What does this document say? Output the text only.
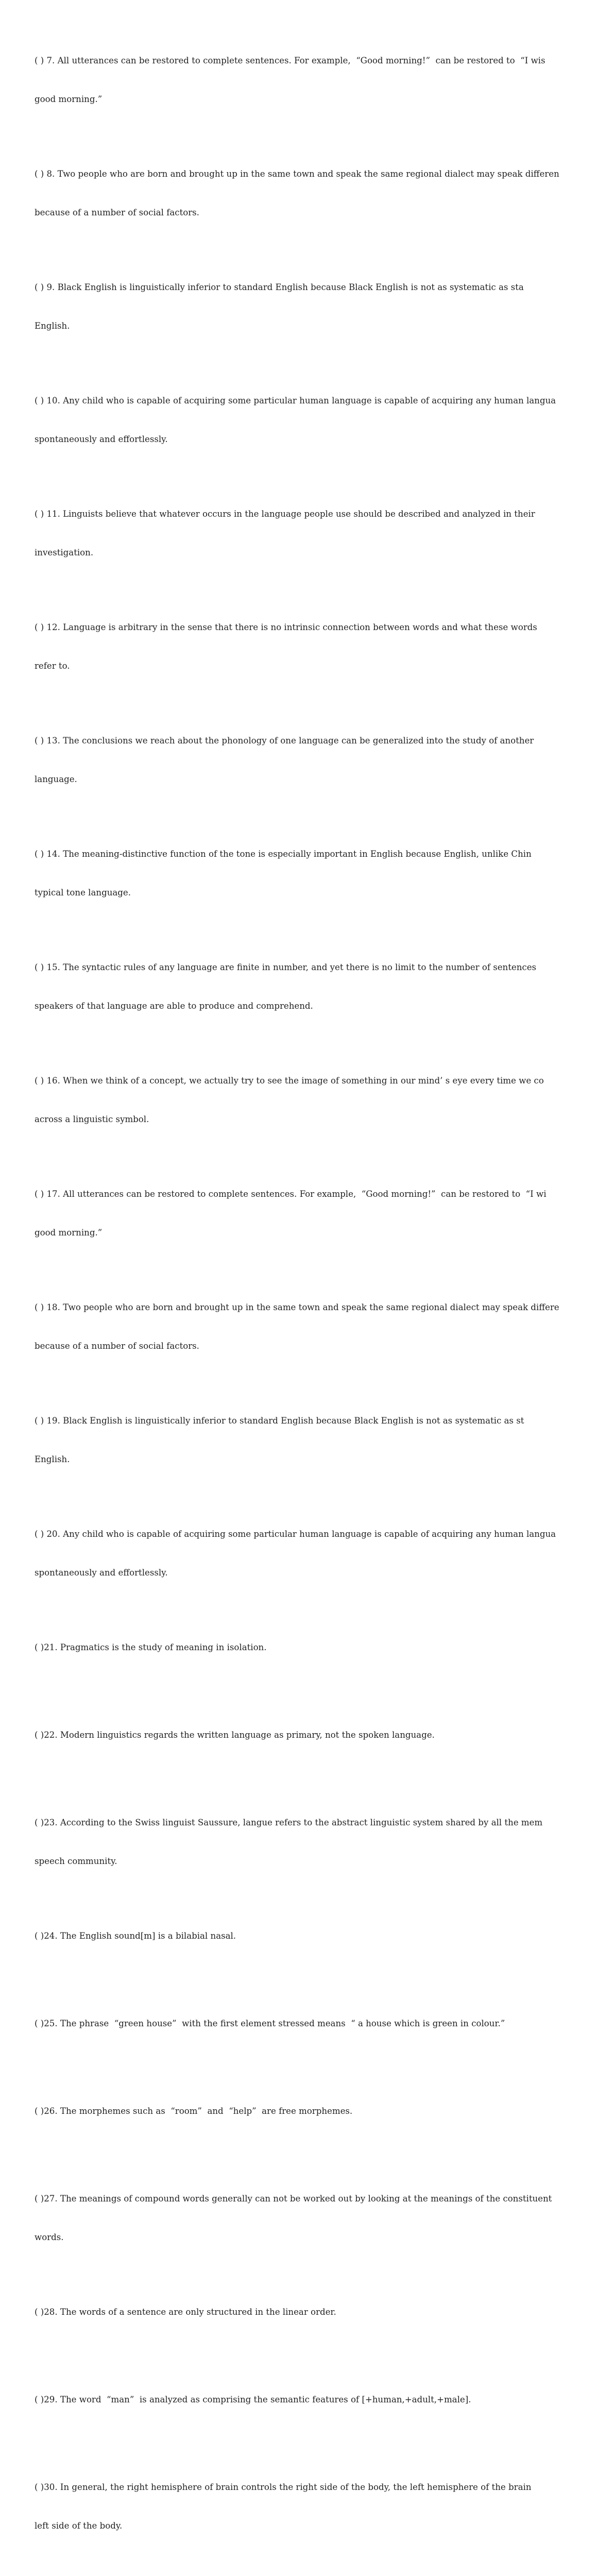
( ) 7. All utterances can be restored to complete sentences. For example,  “Good morning!”  can be restored to  “I wis

good morning.”

( ) 8. Two people who are born and brought up in the same town and speak the same regional dialect may speak differen

because of a number of social factors.

( ) 9. Black English is linguistically inferior to standard English because Black English is not as systematic as sta

English.

( ) 10. Any child who is capable of acquiring some particular human language is capable of acquiring any human langua

spontaneously and effortlessly.

( ) 11. Linguists believe that whatever occurs in the language people use should be described and analyzed in their

investigation.

( ) 12. Language is arbitrary in the sense that there is no intrinsic connection between words and what these words

refer to.

( ) 13. The conclusions we reach about the phonology of one language can be generalized into the study of another

language.

( ) 14. The meaning-distinctive function of the tone is especially important in English because English, unlike Chin

typical tone language.

( ) 15. The syntactic rules of any language are finite in number, and yet there is no limit to the number of sentences

speakers of that language are able to produce and comprehend.

( ) 16. When we think of a concept, we actually try to see the image of something in our mind’ s eye every time we co

across a linguistic symbol.

( ) 17. All utterances can be restored to complete sentences. For example,  “Good morning!”  can be restored to  “I wi

good morning.”

( ) 18. Two people who are born and brought up in the same town and speak the same regional dialect may speak differe

because of a number of social factors.

( ) 19. Black English is linguistically inferior to standard English because Black English is not as systematic as st

English.

( ) 20. Any child who is capable of acquiring some particular human language is capable of acquiring any human langua

spontaneously and effortlessly.

( )21. Pragmatics is the study of meaning in isolation.

( )22. Modern linguistics regards the written language as primary, not the spoken language.

( )23. According to the Swiss linguist Saussure, langue refers to the abstract linguistic system shared by all the mem

speech community.

( )24. The English sound[m] is a bilabial nasal.

( )25. The phrase  “green house”  with the first element stressed means  “ a house which is green in colour.”

( )26. The morphemes such as  “room”  and  “help”  are free morphemes.

( )27. The meanings of compound words generally can not be worked out by looking at the meanings of the constituent

words.

( )28. The words of a sentence are only structured in the linear order.

( )29. The word  “man”  is analyzed as comprising the semantic features of [+human,+adult,+male].

( )30. In general, the right hemisphere of brain controls the right side of the body, the left hemisphere of the brain

left side of the body.
